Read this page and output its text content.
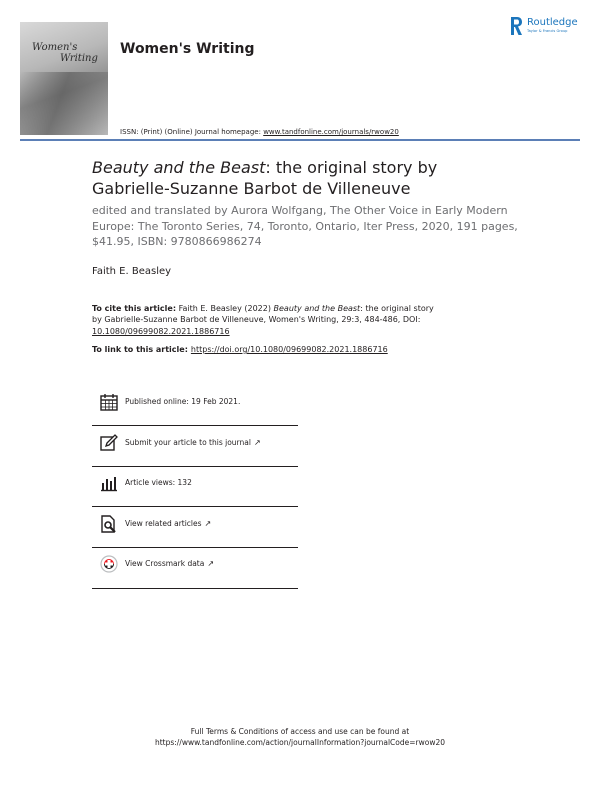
Women's
Writing
Women's Writing
Routledge
Taylor & Francis Group
ISSN: (Print) (Online) Journal homepage: www.tandfonline.com/journals/rwow20
Beauty and the Beast: the original story by
Gabrielle-Suzanne Barbot de Villeneuve
edited and translated by Aurora Wolfgang, The Other Voice in Early Modern
Europe: The Toronto Series, 74, Toronto, Ontario, Iter Press, 2020, 191 pages,
$41.95, ISBN: 9780866986274
Faith E. Beasley
To cite this article: Faith E. Beasley (2022) Beauty and the Beast: the original story
by Gabrielle-Suzanne Barbot de Villeneuve, Women's Writing, 29:3, 484-486, DOI:
10.1080/09699082.2021.1886716
To link to this article: https://doi.org/10.1080/09699082.2021.1886716
Published online: 19 Feb 2021.
Submit your article to this journal ↗
Article views: 132
View related articles ↗
View Crossmark data ↗
Full Terms & Conditions of access and use can be found at
https://www.tandfonline.com/action/journalInformation?journalCode=rwow20
